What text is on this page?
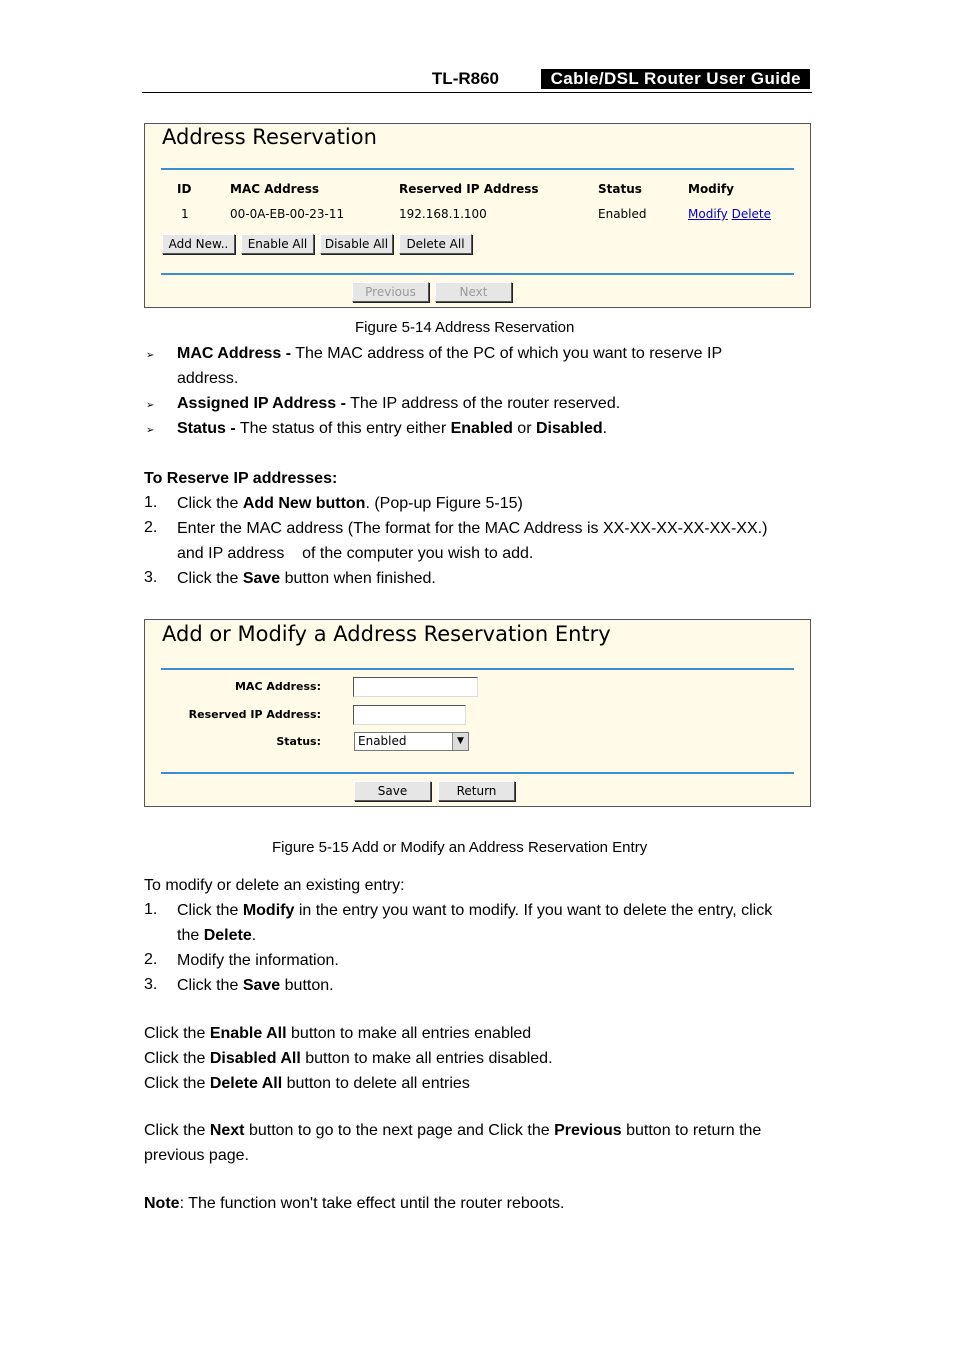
TL-R860	Cable/DSL Router User Guide
Address Reservation
ID	MAC Address	Reserved IP Address	Status	Modify
1	00-0A-EB-00-23-11	192.168.1.100	Enabled	Modify Delete
Add New..	Enable All	Disable All	Delete All
Previous	Next
Figure 5-14 Address Reservation
➢ MAC Address - The MAC address of the PC of which you want to reserve IP
address.
➢ Assigned IP Address - The IP address of the router reserved.
➢ Status - The status of this entry either Enabled or Disabled.
To Reserve IP addresses:
1. Click the Add New button. (Pop-up Figure 5-15)
2. Enter the MAC address (The format for the MAC Address is XX-XX-XX-XX-XX-XX.)
and IP address    of the computer you wish to add.
3. Click the Save button when finished.
Add or Modify a Address Reservation Entry
MAC Address:
Reserved IP Address:
Status:	Enabled	▼
Save	Return
Figure 5-15 Add or Modify an Address Reservation Entry
To modify or delete an existing entry:
1. Click the Modify in the entry you want to modify. If you want to delete the entry, click
the Delete.
2. Modify the information.
3. Click the Save button.
Click the Enable All button to make all entries enabled
Click the Disabled All button to make all entries disabled.
Click the Delete All button to delete all entries
Click the Next button to go to the next page and Click the Previous button to return the
previous page.
Note: The function won't take effect until the router reboots.
